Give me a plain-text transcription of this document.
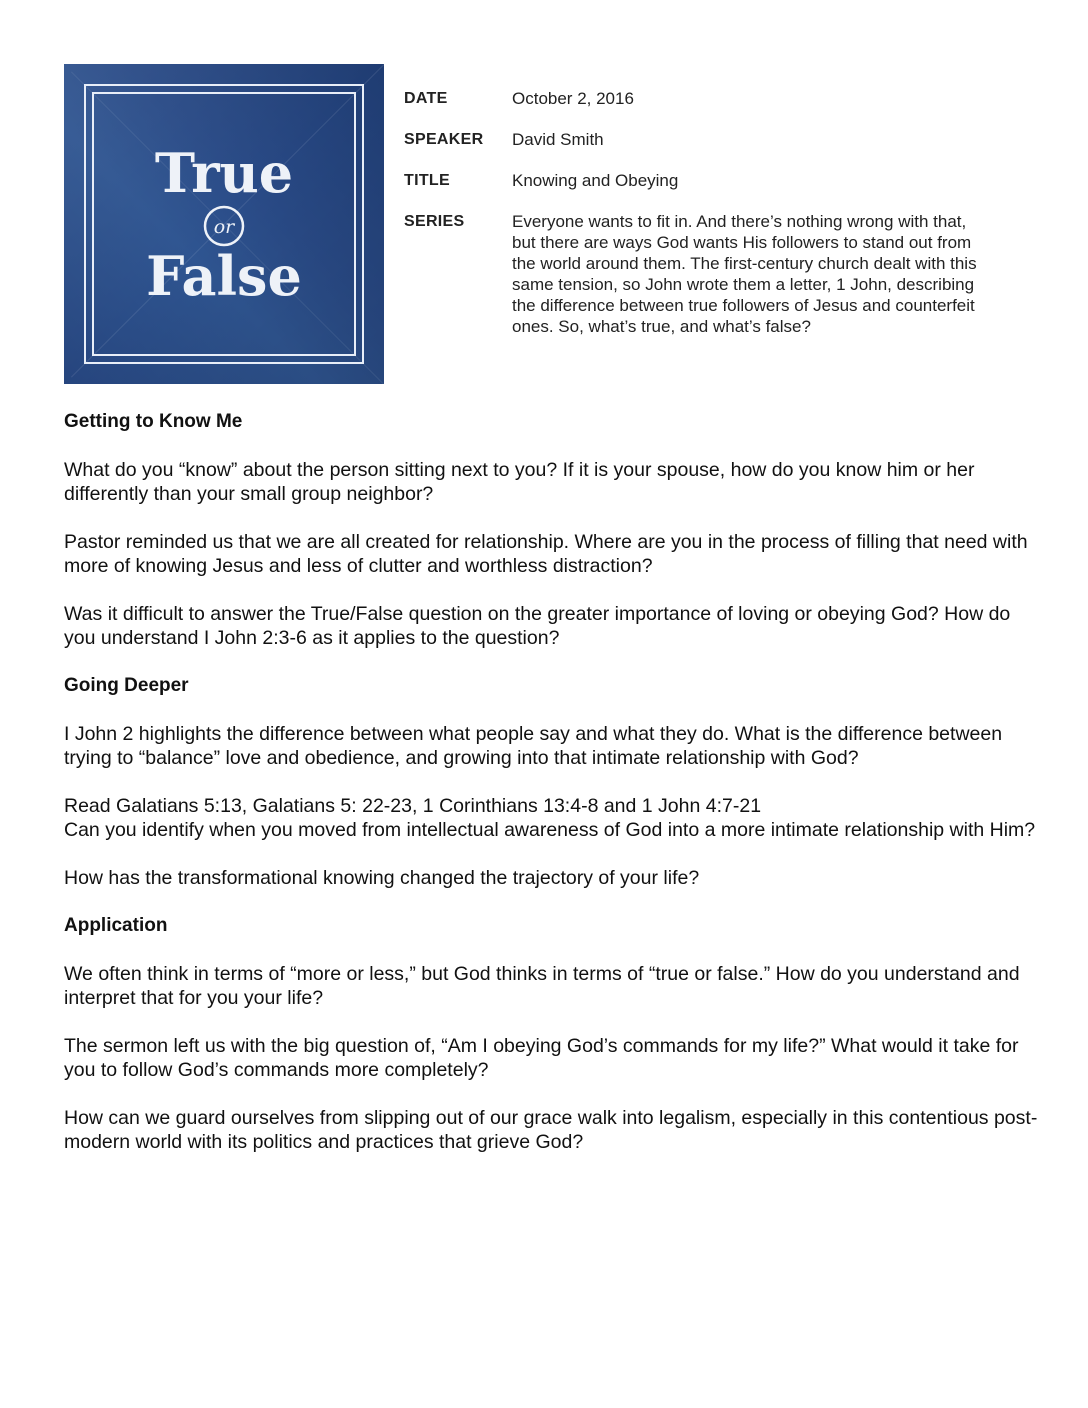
True
or
False
DATE	October 2, 2016
SPEAKER	David Smith
TITLE	Knowing and Obeying
SERIES	Everyone wants to fit in. And there’s nothing wrong with that, but there are ways God wants His followers to stand out from the world around them. The first-century church dealt with this same tension, so John wrote them a letter, 1 John, describing the difference between true followers of Jesus and counterfeit ones. So, what’s true, and what’s false?
Getting to Know Me

What do you “know” about the person sitting next to you? If it is your spouse, how do you know him or her differently than your small group neighbor?

Pastor reminded us that we are all created for relationship. Where are you in the process of filling that need with more of knowing Jesus and less of clutter and worthless distraction?

Was it difficult to answer the True/False question on the greater importance of loving or obeying God? How do you understand I John 2:3-6 as it applies to the question?

Going Deeper

I John 2 highlights the difference between what people say and what they do. What is the difference between trying to “balance” love and obedience, and growing into that intimate relationship with God?

Read Galatians 5:13, Galatians 5: 22-23, 1 Corinthians 13:4-8 and 1 John 4:7-21
Can you identify when you moved from intellectual awareness of God into a more intimate relationship with Him?

How has the transformational knowing changed the trajectory of your life?

Application

We often think in terms of “more or less,” but God thinks in terms of “true or false.” How do you understand and interpret that for you your life?

The sermon left us with the big question of, “Am I obeying God’s commands for my life?” What would it take for you to follow God’s commands more completely?

How can we guard ourselves from slipping out of our grace walk into legalism, especially in this contentious post-modern world with its politics and practices that grieve God?
